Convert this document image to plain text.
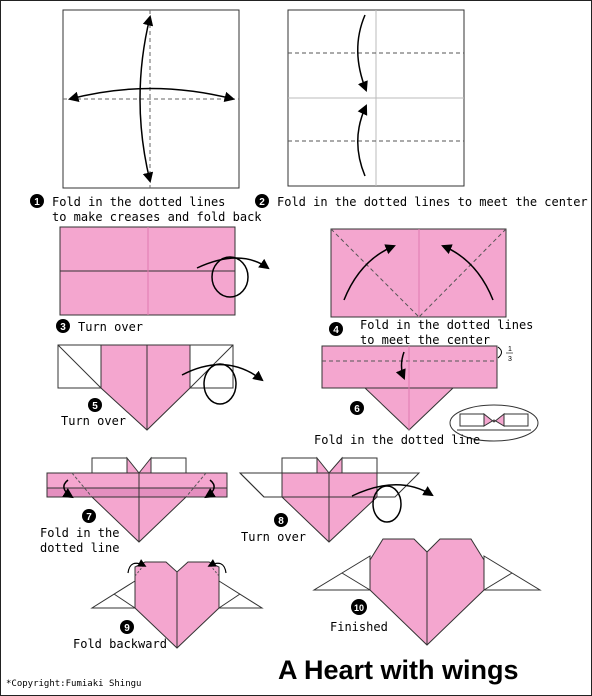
1	2
3	4
5	6
7	8
9
10
Fold in the dotted lines
to make creases and fold back
Fold in the dotted lines to meet the center
Turn over	Fold in the dotted lines
to meet the center
Turn over
Fold in the dotted line
Fold in the
dotted line
Turn over
Fold backward
Finished
1
3
A Heart with wings
*Copyright:Fumiaki Shingu
